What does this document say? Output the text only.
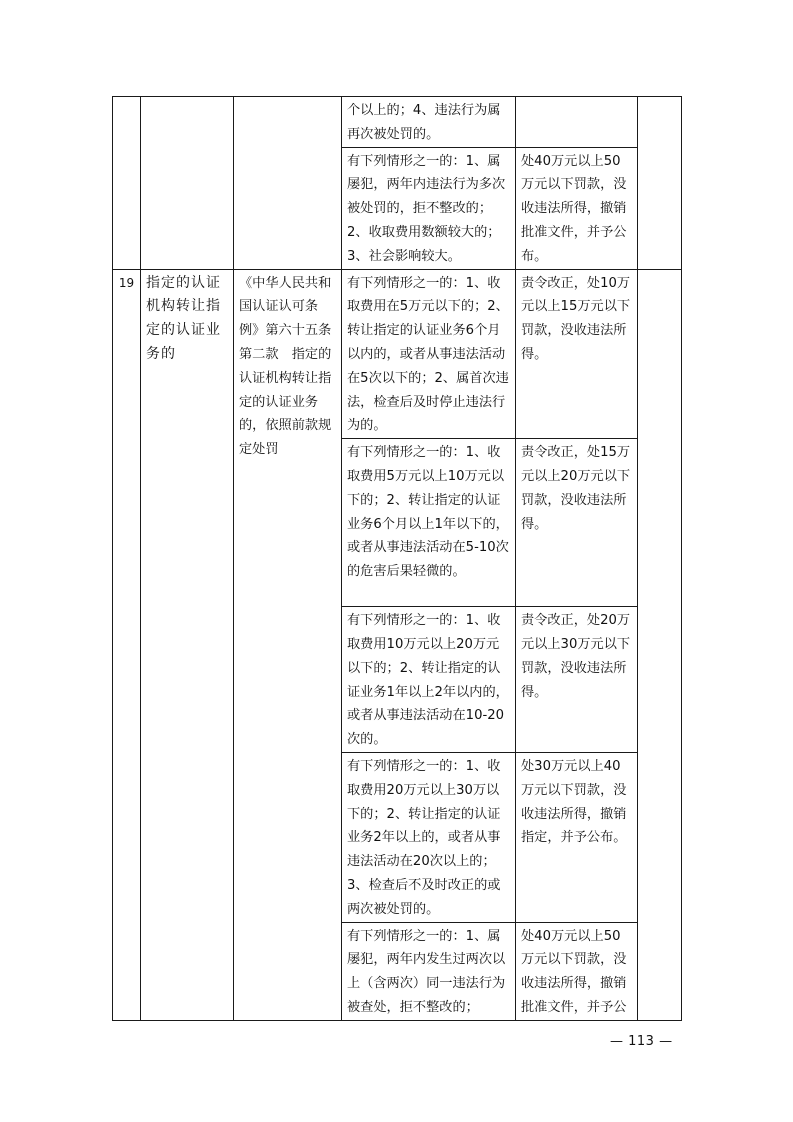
			个以上的；4、违法行为属再次被处罚的。		
			有下列情形之一的：1、属屡犯，两年内违法行为多次被处罚的，拒不整改的；2、收取费用数额较大的；3、社会影响较大。	处40万元以上50万元以下罚款，没收违法所得，撤销批准文件，并予公布。	
19	指定的认证机构转让指定的认证业务的	《中华人民共和国认证认可条例》第六十五条第二款　指定的认证机构转让指定的认证业务的，依照前款规定处罚	有下列情形之一的：1、收取费用在5万元以下的；2、转让指定的认证业务6个月以内的，或者从事违法活动在5次以下的；2、属首次违法，检查后及时停止违法行为的。	责令改正，处10万元以上15万元以下罚款，没收违法所得。	
			有下列情形之一的：1、收取费用5万元以上10万元以下的；2、转让指定的认证业务6个月以上1年以下的，或者从事违法活动在5-10次的危害后果轻微的。	责令改正，处15万元以上20万元以下罚款，没收违法所得。	
			有下列情形之一的：1、收取费用10万元以上20万元以下的；2、转让指定的认证业务1年以上2年以内的，或者从事违法活动在10-20次的。	责令改正，处20万元以上30万元以下罚款，没收违法所得。	
			有下列情形之一的：1、收取费用20万元以上30万以下的；2、转让指定的认证业务2年以上的，或者从事违法活动在20次以上的；3、检查后不及时改正的或两次被处罚的。	处30万元以上40万元以下罚款，没收违法所得，撤销指定，并予公布。	
			有下列情形之一的：1、属屡犯，两年内发生过两次以上（含两次）同一违法行为被查处，拒不整改的；	处40万元以上50万元以下罚款，没收违法所得，撤销批准文件，并予公	
— 113 —
